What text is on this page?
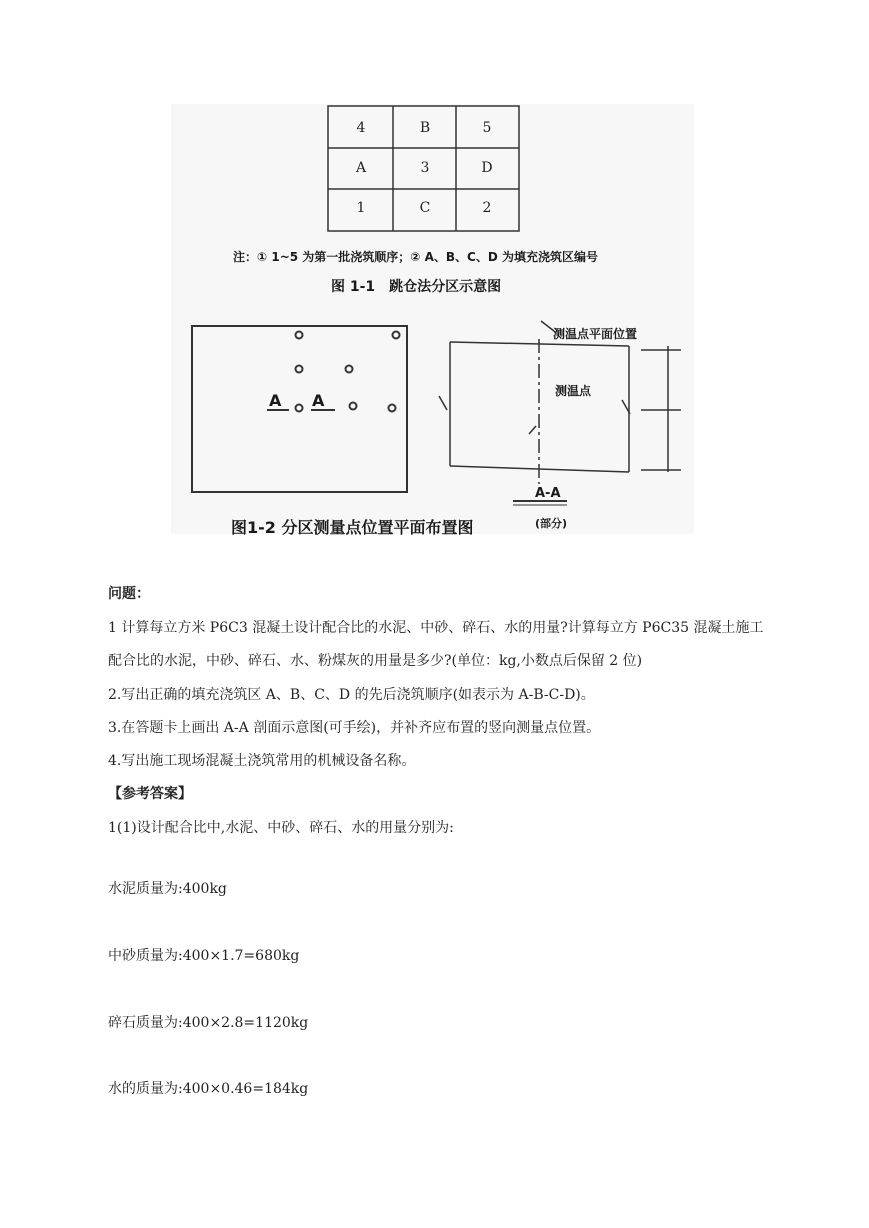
4	B	5
A	3	D
1	C	2
注：① 1~5 为第一批浇筑顺序；② A、B、C、D 为填充浇筑区编号
图 1-1　跳仓法分区示意图
A A
测温点平面位置
测温点
A-A
(部分)
图1-2 分区测量点位置平面布置图
问题：
1 计算每立方米 P6C3 混凝土设计配合比的水泥、中砂、碎石、水的用量?计算每立方 P6C35 混凝土施工
配合比的水泥，中砂、碎石、水、粉煤灰的用量是多少?(单位：kg,小数点后保留 2 位)
2.写出正确的填充浇筑区 A、B、C、D 的先后浇筑顺序(如表示为 A-B-C-D)。
3.在答题卡上画出 A-A 剖面示意图(可手绘)，并补齐应布置的竖向测量点位置。
4.写出施工现场混凝土浇筑常用的机械设备名称。
【参考答案】
1(1)设计配合比中,水泥、中砂、碎石、水的用量分别为:
水泥质量为:400kg
中砂质量为:400×1.7=680kg
碎石质量为:400×2.8=1120kg
水的质量为:400×0.46=184kg
